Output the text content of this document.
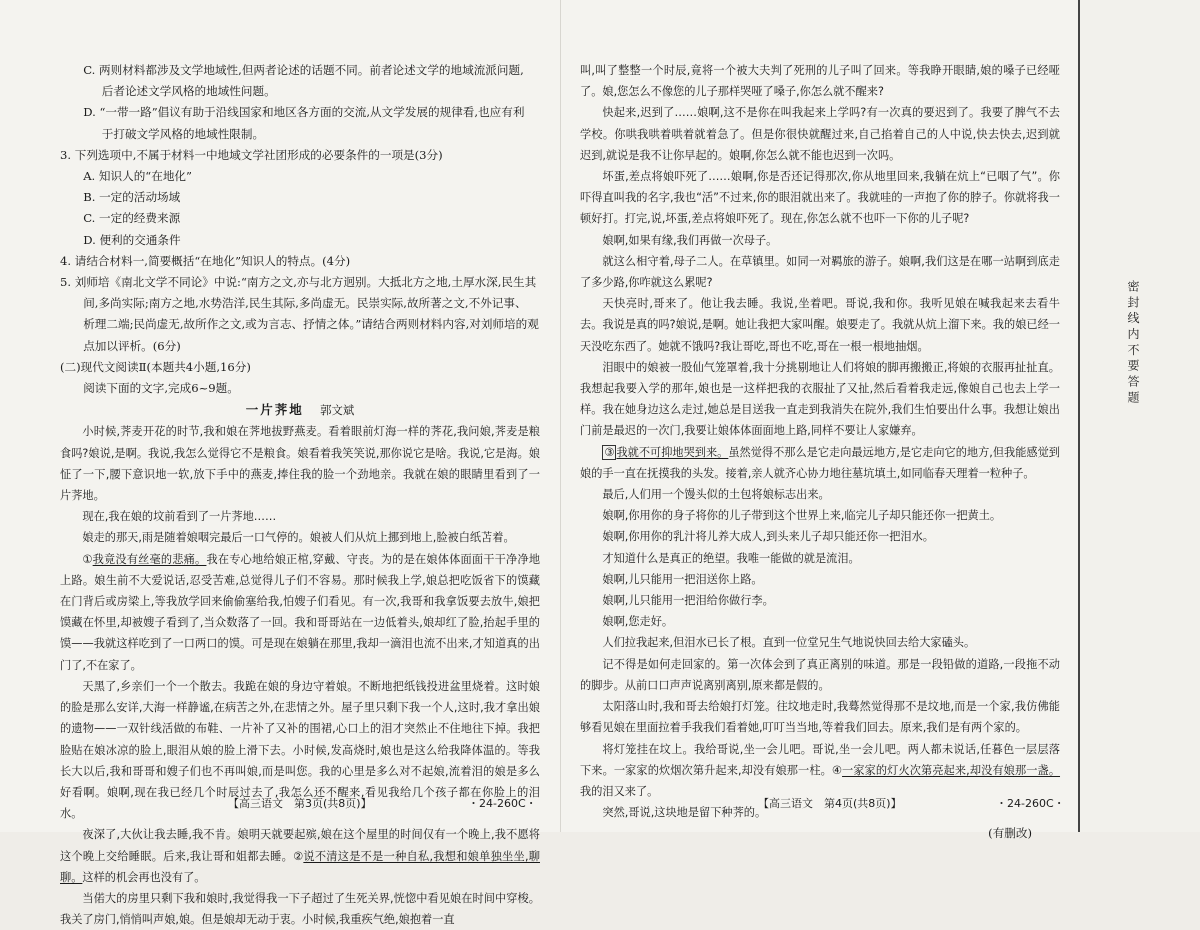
C. 两则材料都涉及文学地域性,但两者论述的话题不同。前者论述文学的地域流派问题,

后者论述文学风格的地域性问题。

D. “一带一路”倡议有助于沿线国家和地区各方面的交流,从文学发展的规律看,也应有利

于打破文学风格的地域性限制。

3. 下列选项中,不属于材料一中地域文学社团形成的必要条件的一项是(3分)

A. 知识人的“在地化”

B. 一定的活动场域

C. 一定的经费来源

D. 便利的交通条件

4. 请结合材料一,简要概括“在地化”知识人的特点。(4分)

5. 刘师培《南北文学不同论》中说:“南方之文,亦与北方迥别。大抵北方之地,土厚水深,民生其

间,多尚实际;南方之地,水势浩洋,民生其际,多尚虚无。民崇实际,故所著之文,不外记事、

析理二端;民尚虚无,故所作之文,或为言志、抒情之体。”请结合两则材料内容,对刘师培的观

点加以评析。(6分)

(二)现代文阅读Ⅱ(本题共4小题,16分)

阅读下面的文字,完成6~9题。

一片荠地 郭文斌

小时候,荠麦开花的时节,我和娘在荠地拔野燕麦。看着眼前灯海一样的荠花,我问娘,荠麦是粮食吗?娘说,是啊。我说,我怎么觉得它不是粮食。娘看着我笑笑说,那你说它是啥。我说,它是海。娘怔了一下,腰下意识地一软,放下手中的燕麦,捧住我的脸一个劲地亲。我就在娘的眼睛里看到了一片荠地。

现在,我在娘的坟前看到了一片荠地……

娘走的那天,雨是随着娘咽完最后一口气停的。娘被人们从炕上挪到地上,脸被白纸苫着。

①我竟没有丝毫的悲痛。我在专心地给娘正棺,穿戴、守丧。为的是在娘体体面面干干净净地上路。娘生前不大爱说话,忍受苦难,总觉得儿子们不容易。那时候我上学,娘总把吃饭省下的馍藏在门背后或房梁上,等我放学回来偷偷塞给我,怕嫂子们看见。有一次,我哥和我拿饭要去放牛,娘把馍藏在怀里,却被嫂子看到了,当众数落了一回。我和哥哥站在一边低着头,娘却红了脸,抬起手里的馍——我就这样吃到了一口两口的馍。可是现在娘躺在那里,我却一滴泪也流不出来,才知道真的出门了,不在家了。

天黑了,乡亲们一个一个散去。我跪在娘的身边守着娘。不断地把纸钱投进盆里烧着。这时娘的脸是那么安详,大海一样静谧,在病苦之外,在悲情之外。屋子里只剩下我一个人,这时,我才拿出娘的遗物——一双针线活做的布鞋、一片补了又补的围裙,心口上的泪才突然止不住地往下掉。我把脸贴在娘冰凉的脸上,眼泪从娘的脸上滑下去。小时候,发高烧时,娘也是这么给我降体温的。等我长大以后,我和哥哥和嫂子们也不再叫娘,而是叫您。我的心里是多么对不起娘,流着泪的娘是多么好看啊。娘啊,现在我已经几个时辰过去了,我怎么还不醒来,看见我给几个孩子都在你脸上的泪水。

夜深了,大伙让我去睡,我不肯。娘明天就要起殡,娘在这个屋里的时间仅有一个晚上,我不愿将这个晚上交给睡眠。后来,我让哥和姐都去睡。②说不清这是不是一种自私,我想和娘单独坐坐,聊聊。这样的机会再也没有了。

当偌大的房里只剩下我和娘时,我觉得我一下子超过了生死关界,恍惚中看见娘在时间中穿梭。我关了房门,悄悄叫声娘,娘。但是娘却无动于衷。小时候,我重疾气绝,娘抱着一直

叫,叫了整整一个时辰,竟将一个被大夫判了死刑的儿子叫了回来。等我睁开眼睛,娘的嗓子已经哑了。娘,您怎么不像您的儿子那样哭哑了嗓子,你怎么就不醒来?

快起来,迟到了……娘啊,这不是你在叫我起来上学吗?有一次真的要迟到了。我要了脾气不去学校。你哄我哄着哄着就着急了。但是你很快就醒过来,自己掐着自己的人中说,快去快去,迟到就迟到,就说是我不让你早起的。娘啊,你怎么就不能也迟到一次吗。

坏蛋,差点将娘吓死了……娘啊,你是否还记得那次,你从地里回来,我躺在炕上“已咽了气”。你吓得直叫我的名字,我也“活”不过来,你的眼泪就出来了。我就哇的一声抱了你的脖子。你就将我一顿好打。打完,说,坏蛋,差点将娘吓死了。现在,你怎么就不也吓一下你的儿子呢?

娘啊,如果有缘,我们再做一次母子。

就这么相守着,母子二人。在草镇里。如同一对羁旅的游子。娘啊,我们这是在哪一站啊到底走了多少路,你咋就这么累呢?

天快亮时,哥来了。他让我去睡。我说,坐着吧。哥说,我和你。我听见娘在喊我起来去看牛去。我说是真的吗?娘说,是啊。她让我把大家叫醒。娘要走了。我就从炕上溜下来。我的娘已经一天没吃东西了。她就不饿吗?我让哥吃,哥也不吃,哥在一根一根地抽烟。

泪眼中的娘被一股仙气笼罩着,我十分挑剔地让人们将娘的脚再搬搬正,将娘的衣服再扯扯直。我想起我要入学的那年,娘也是一这样把我的衣服扯了又扯,然后看着我走远,像娘自己也去上学一样。我在她身边这么走过,她总是目送我一直走到我消失在院外,我们生怕要出什么事。我想让娘出门前是最迟的一次门,我要让娘体体面面地上路,同样不要让人家嫌弃。

③ 我就不可抑地哭到来。虽然觉得不那么是它走向最远地方,是它走向它的地方,但我能感觉到娘的手一直在抚摸我的头发。接着,亲人就齐心协力地往墓坑填土,如同临春天理着一粒种子。

最后,人们用一个馒头似的土包将娘标志出来。

娘啊,你用你的身子将你的儿子带到这个世界上来,临完儿子却只能还你一把黄土。

娘啊,你用你的乳汁将儿养大成人,到头来儿子却只能还你一把泪水。

才知道什么是真正的绝望。我唯一能做的就是流泪。

娘啊,儿只能用一把泪送你上路。

娘啊,儿只能用一把泪给你做行李。

娘啊,您走好。

人们拉我起来,但泪水已长了根。直到一位堂兄生气地说快回去给大家磕头。

记不得是如何走回家的。第一次体会到了真正离别的味道。那是一段铅做的道路,一段拖不动的脚步。从前口口声声说离别离别,原来都是假的。

太阳落山时,我和哥去给娘打灯笼。往坟地走时,我蓦然觉得那不是坟地,而是一个家,我仿佛能够看见娘在里面拉着手我我们看着她,叮叮当当地,等着我们回去。原来,我们是有两个家的。

将灯笼挂在坟上。我给哥说,坐一会儿吧。哥说,坐一会儿吧。两人都未说话,任暮色一层层落下来。一家家的炊烟次第升起来,却没有娘那一柱。④一家家的灯火次第亮起来,却没有娘那一盏。我的泪又来了。

突然,哥说,这块地是留下种荠的。

(有删改)

【高三语文　第3页(共8页)】	・24-260C・	【高三语文　第4页(共8页)】	・24-260C・
